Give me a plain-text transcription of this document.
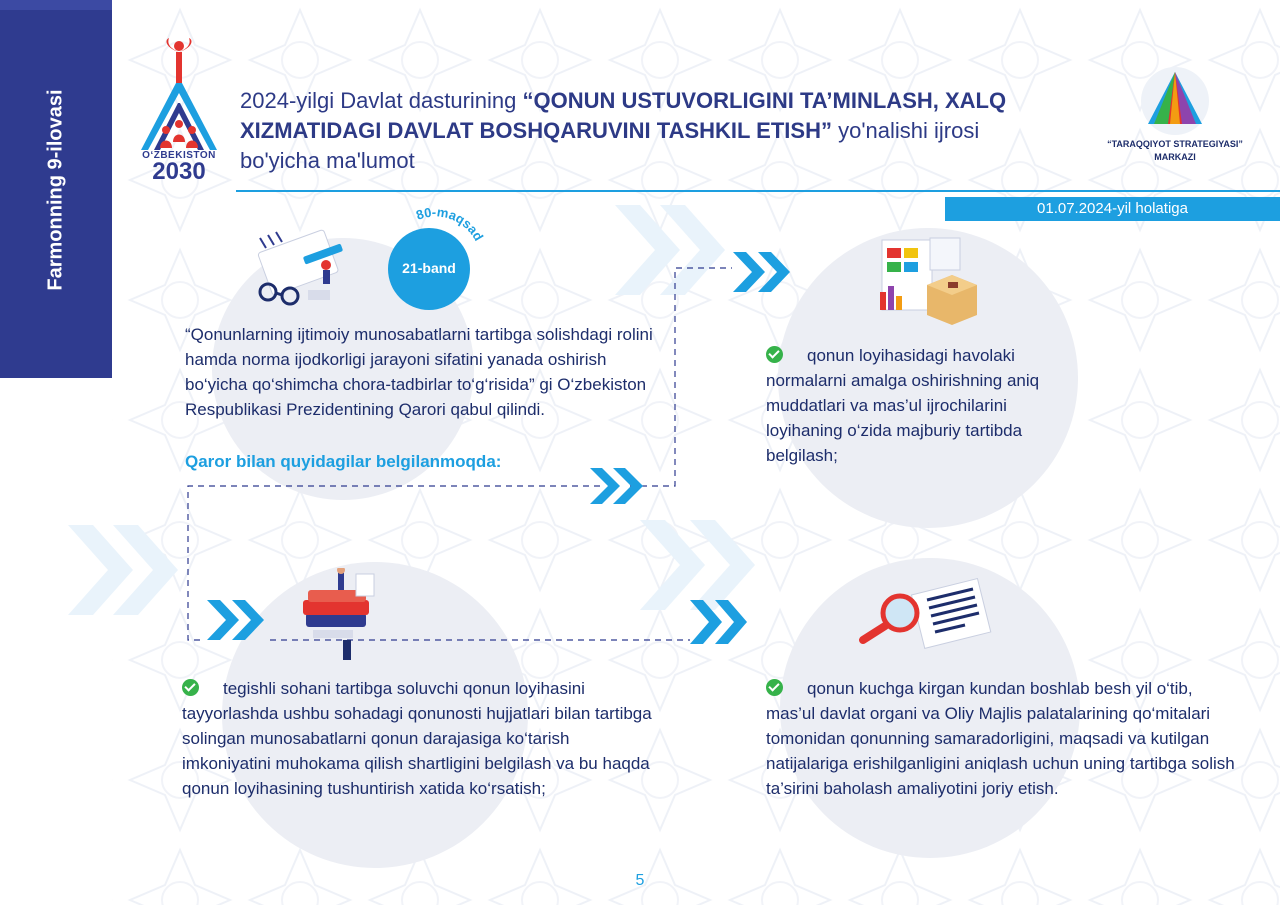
Farmonning 9-ilovasi	OʻZBEKISTON
2030
2024-yilgi Davlat dasturining “QONUN USTUVORLIGINI TA’MINLASH, XALQ XIZMATIDAGI DAVLAT BOSHQARUVINI TASHKIL ETISH” yo'nalishi ijrosi bo'yicha ma'lumot
“TARAQQIYOT STRATEGIYASI”
MARKAZI
01.07.2024-yil holatiga
21-band
80-maqsad
“Qonunlarning ijtimoiy munosabatlarni tartibga solishdagi rolini hamda norma ijodkorligi jarayoni sifatini yanada oshirish bo‘yicha qo‘shimcha chora-tadbirlar to‘g‘risida” gi O‘zbekiston Respublikasi Prezidentining Qarori qabul qilindi.
Qaror bilan quyidagilar belgilanmoqda:
qonun loyihasidagi havolaki normalarni amalga oshirishning aniq muddatlari va mas’ul ijrochilarini loyihaning o‘zida majburiy tartibda belgilash;
tegishli sohani tartibga soluvchi qonun loyihasini tayyorlashda ushbu sohadagi qonunosti hujjatlari bilan tartibga solingan munosabatlarni qonun darajasiga ko‘tarish imkoniyatini muhokama qilish shartligini belgilash va bu haqda qonun loyihasining tushuntirish xatida ko‘rsatish;
qonun kuchga kirgan kundan boshlab besh yil o‘tib, mas’ul davlat organi va Oliy Majlis palatalarining qo‘mitalari tomonidan qonunning samaradorligini, maqsadi va kutilgan natijalariga erishilganligini aniqlash uchun uning tartibga solish ta’sirini baholash amaliyotini joriy etish.
5
